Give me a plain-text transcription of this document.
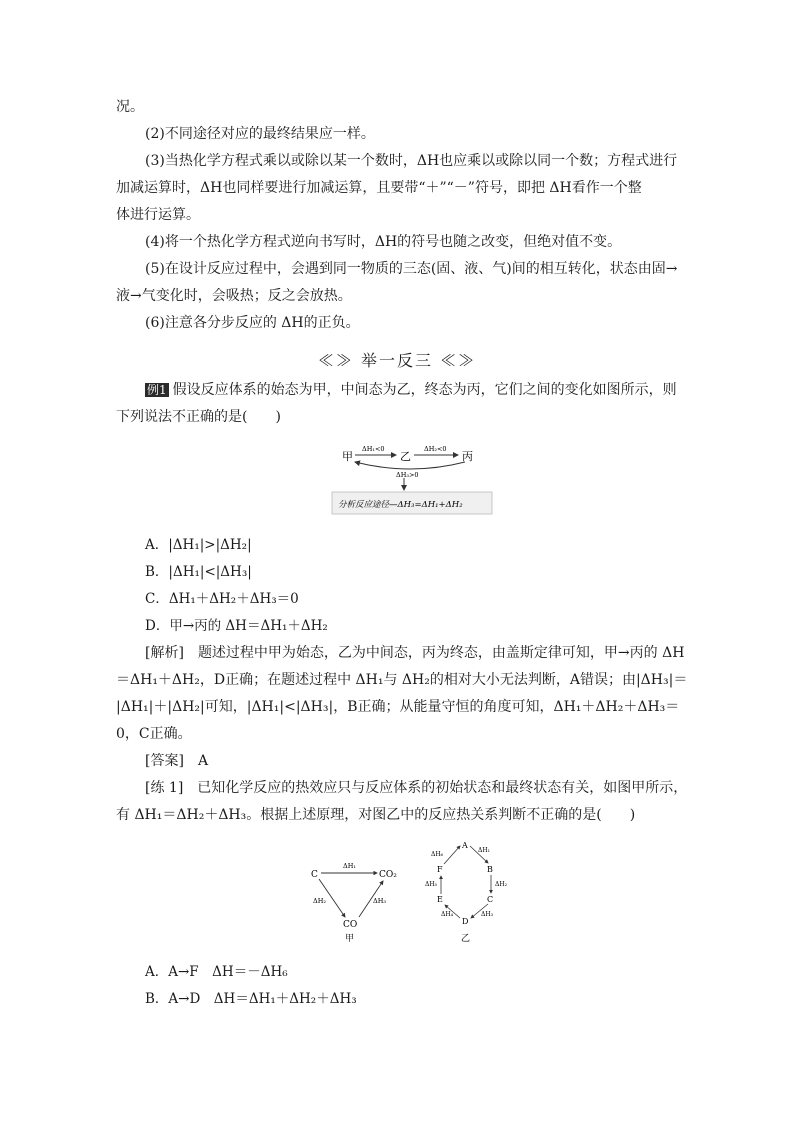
况。

(2)不同途径对应的最终结果应一样。

(3)当热化学方程式乘以或除以某一个数时，ΔH也应乘以或除以同一个数；方程式进行

加减运算时，ΔH也同样要进行加减运算，且要带“＋”“－”符号，即把 ΔH看作一个整

体进行运算。

(4)将一个热化学方程式逆向书写时，ΔH的符号也随之改变，但绝对值不变。

(5)在设计反应过程中，会遇到同一物质的三态(固、液、气)间的相互转化，状态由固→

液→气变化时，会吸热；反之会放热。

(6)注意各分步反应的 ΔH的正负。

≪≫ 举一反三 ≪≫

例1 假设反应体系的始态为甲，中间态为乙，终态为丙，它们之间的变化如图所示，则

下列说法不正确的是(　　)

甲	乙	丙
ΔH₁<0	ΔH₂<0
ΔH₃>0
分析反应途径—ΔH₃=ΔH₁+ΔH₂
A．|ΔH₁|>|ΔH₂|
B．|ΔH₁|<|ΔH₃|
C．ΔH₁＋ΔH₂＋ΔH₃＝0
D．甲→丙的 ΔH＝ΔH₁＋ΔH₂

[解析]　 题述过程中甲为始态，乙为中间态，丙为终态，由盖斯定律可知，甲→丙的 ΔH

＝ΔH₁＋ΔH₂，D正确；在题述过程中 ΔH₁与 ΔH₂的相对大小无法判断，A错误；由|ΔH₃|＝

|ΔH₁|＋|ΔH₂|可知，|ΔH₁|<|ΔH₃|，B正确；从能量守恒的角度可知，ΔH₁＋ΔH₂＋ΔH₃＝

0，C正确。

[答案]　 A

[练 1]　 已知化学反应的热效应只与反应体系的初始状态和最终状态有关，如图甲所示，

有 ΔH₁＝ΔH₂＋ΔH₃。根据上述原理，对图乙中的反应热关系判断不正确的是(　　)

C	CO₂
CO
ΔH₁
ΔH₂	ΔH₃
甲
A
B
C
D
E
F
ΔH₁
ΔH₂
ΔH₃
ΔH₄
ΔH₅
ΔH₆
乙
A．A→F　ΔH＝－ΔH₆
B．A→D　ΔH＝ΔH₁＋ΔH₂＋ΔH₃
